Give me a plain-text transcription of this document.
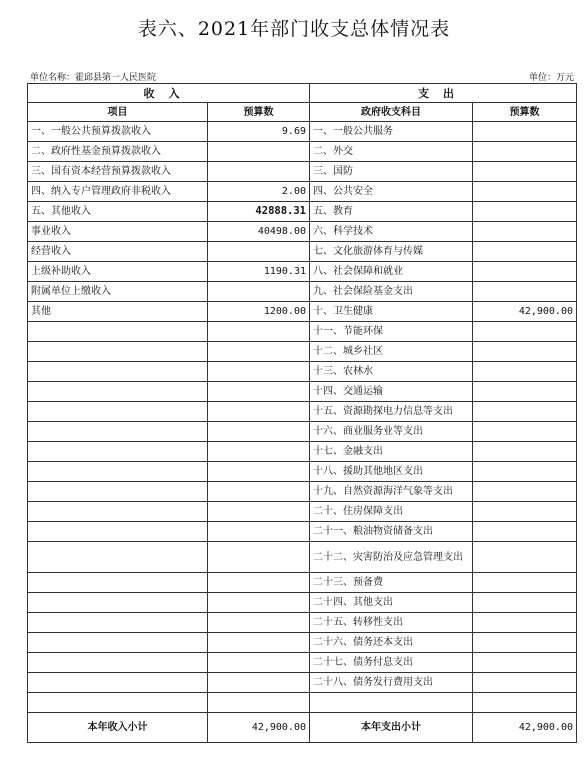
表六、2021年部门收支总体情况表
单位名称：霍邱县第一人民医院	单位：万元
收入		支出	
项目	预算数	政府收支科目	预算数
一、一般公共预算拨款收入	9.69	一、一般公共服务	
二、政府性基金预算拨款收入		二、外交	
三、国有资本经营预算拨款收入		三、国防	
四、纳入专户管理政府非税收入	2.00	四、公共安全	
五、其他收入	42888.31	五、教育	
事业收入	40498.00	六、科学技术	
经营收入		七、文化旅游体育与传媒	
上级补助收入	1190.31	八、社会保障和就业	
附属单位上缴收入		九、社会保险基金支出	
其他	1200.00	十、卫生健康	42,900.00
		十一、节能环保	
		十二、城乡社区	
		十三、农林水	
		十四、交通运输	
		十五、资源勘探电力信息等支出	
		十六、商业服务业等支出	
		十七、金融支出	
		十八、援助其他地区支出	
		十九、自然资源海洋气象等支出	
		二十、住房保障支出	
		二十一、粮油物资储备支出	
		二十二、灾害防治及应急管理支出	
		二十三、预备费	
		二十四、其他支出	
		二十五、转移性支出	
		二十六、债务还本支出	
		二十七、债务付息支出	
		二十八、债务发行费用支出	

本年收入小计	42,900.00	本年支出小计	42,900.00
